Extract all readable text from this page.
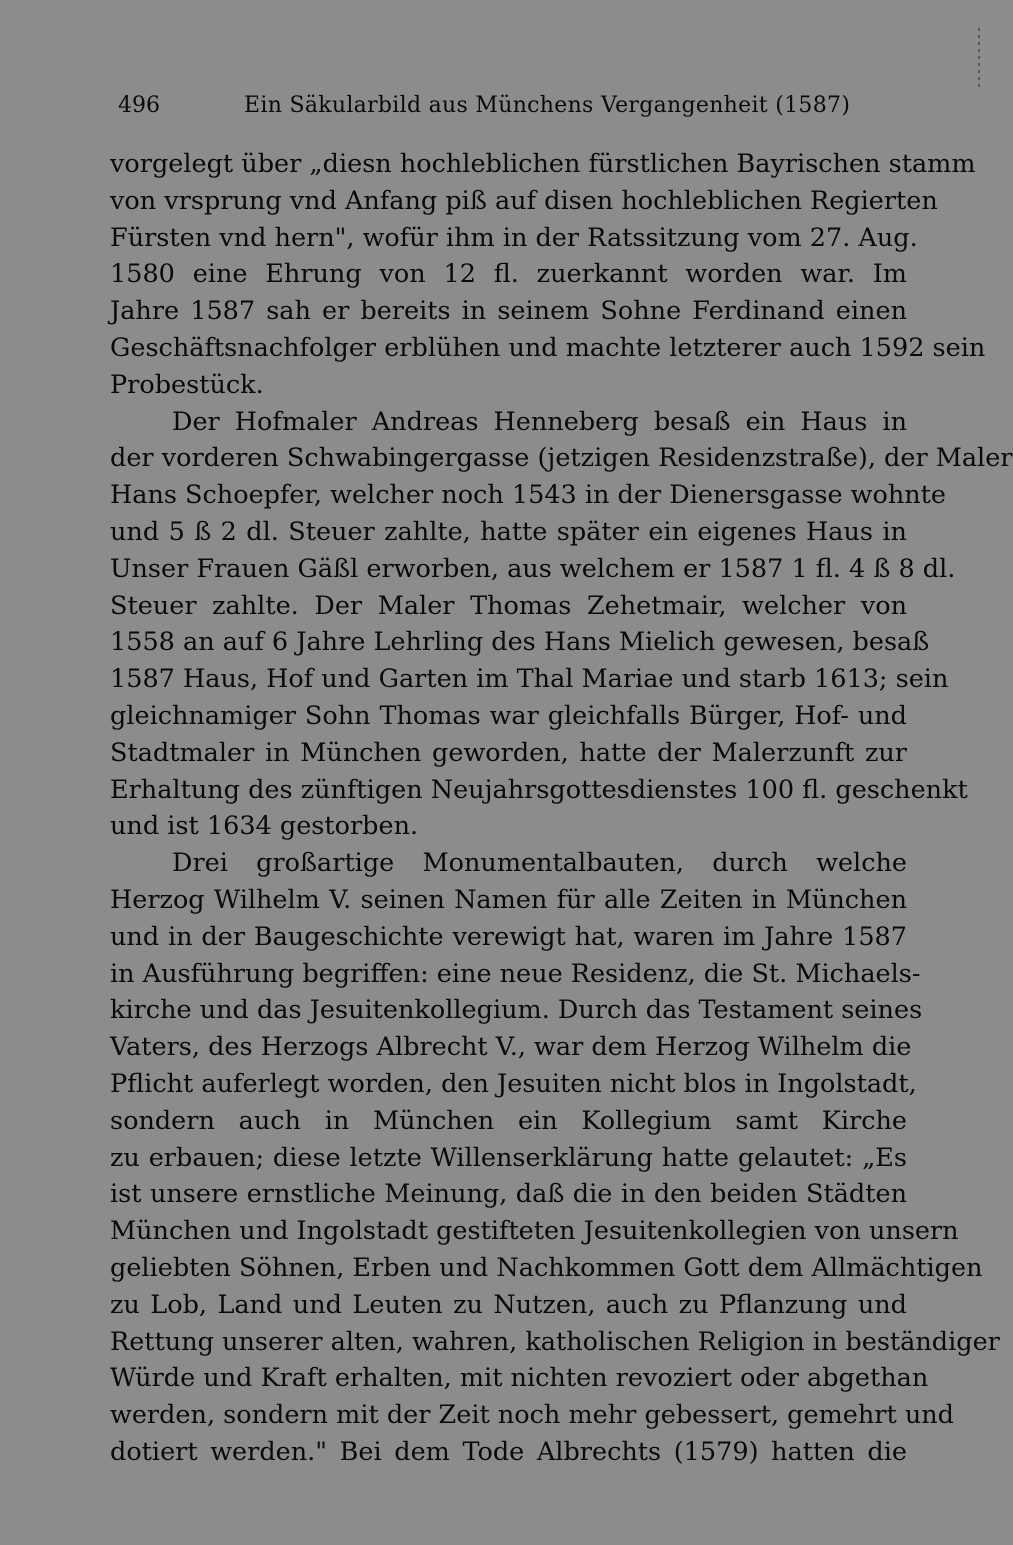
496	Ein Säkularbild aus Münchens Vergangenheit (1587)
vorgelegt über „diesn hochleblichen fürstlichen Bayrischen stamm
von vrsprung vnd Anfang piß auf disen hochleblichen Regierten
Fürsten vnd hern", wofür ihm in der Ratssitzung vom 27. Aug.
1580 eine Ehrung von 12 fl. zuerkannt worden war. Im
Jahre 1587 sah er bereits in seinem Sohne Ferdinand einen
Geschäftsnachfolger erblühen und machte letzterer auch 1592 sein
Probestück.
Der Hofmaler Andreas Henneberg besaß ein Haus in
der vorderen Schwabingergasse (jetzigen Residenzstraße), der Maler
Hans Schoepfer, welcher noch 1543 in der Dienersgasse wohnte
und 5 ß 2 dl. Steuer zahlte, hatte später ein eigenes Haus in
Unser Frauen Gäßl erworben, aus welchem er 1587 1 fl. 4 ß 8 dl.
Steuer zahlte. Der Maler Thomas Zehetmair, welcher von
1558 an auf 6 Jahre Lehrling des Hans Mielich gewesen, besaß
1587 Haus, Hof und Garten im Thal Mariae und starb 1613; sein
gleichnamiger Sohn Thomas war gleichfalls Bürger, Hof- und
Stadtmaler in München geworden, hatte der Malerzunft zur
Erhaltung des zünftigen Neujahrsgottesdienstes 100 fl. geschenkt
und ist 1634 gestorben.
Drei großartige Monumentalbauten, durch welche
Herzog Wilhelm V. seinen Namen für alle Zeiten in München
und in der Baugeschichte verewigt hat, waren im Jahre 1587
in Ausführung begriffen: eine neue Residenz, die St. Michaels-
kirche und das Jesuitenkollegium. Durch das Testament seines
Vaters, des Herzogs Albrecht V., war dem Herzog Wilhelm die
Pflicht auferlegt worden, den Jesuiten nicht blos in Ingolstadt,
sondern auch in München ein Kollegium samt Kirche
zu erbauen; diese letzte Willenserklärung hatte gelautet: „Es
ist unsere ernstliche Meinung, daß die in den beiden Städten
München und Ingolstadt gestifteten Jesuitenkollegien von unsern
geliebten Söhnen, Erben und Nachkommen Gott dem Allmächtigen
zu Lob, Land und Leuten zu Nutzen, auch zu Pflanzung und
Rettung unserer alten, wahren, katholischen Religion in beständiger
Würde und Kraft erhalten, mit nichten revoziert oder abgethan
werden, sondern mit der Zeit noch mehr gebessert, gemehrt und
dotiert werden." Bei dem Tode Albrechts (1579) hatten die
